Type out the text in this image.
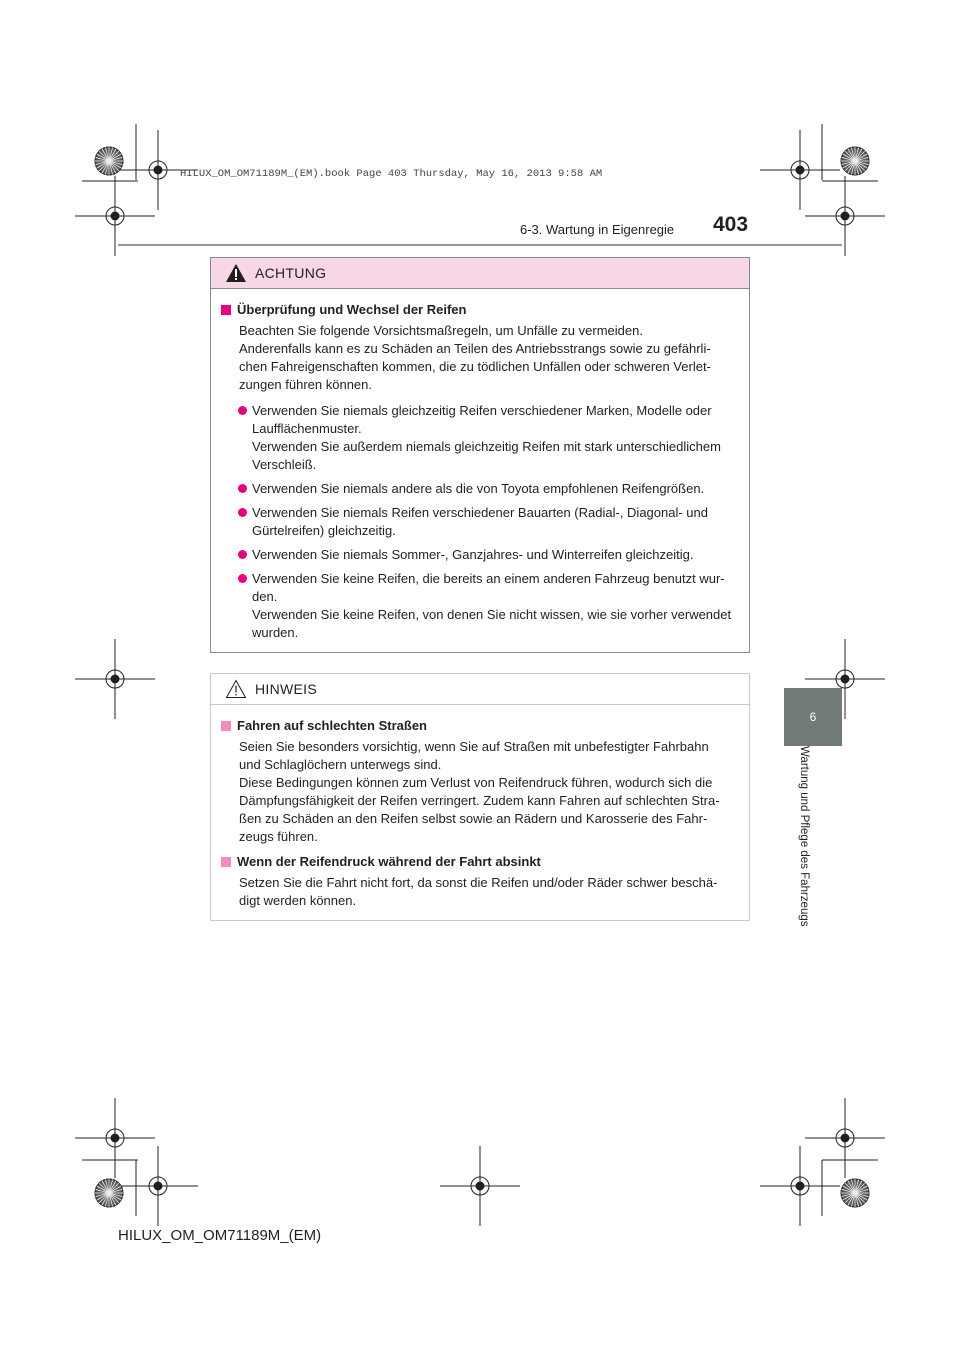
HILUX_OM_OM71189M_(EM).book Page 403 Thursday, May 16, 2013 9:58 AM
6-3. Wartung in Eigenregie 403
6
Wartung und Pflege des Fahrzeugs
ACHTUNG
Überprüfung und Wechsel der Reifen
Beachten Sie folgende Vorsichtsmaßregeln, um Unfälle zu vermeiden.
Anderenfalls kann es zu Schäden an Teilen des Antriebsstrangs sowie zu gefährli-
chen Fahreigenschaften kommen, die zu tödlichen Unfällen oder schweren Verlet-
zungen führen können.
Verwenden Sie niemals gleichzeitig Reifen verschiedener Marken, Modelle oder
Laufflächenmuster.
Verwenden Sie außerdem niemals gleichzeitig Reifen mit stark unterschiedlichem
Verschleiß.
Verwenden Sie niemals andere als die von Toyota empfohlenen Reifengrößen.
Verwenden Sie niemals Reifen verschiedener Bauarten (Radial-, Diagonal- und
Gürtelreifen) gleichzeitig.
Verwenden Sie niemals Sommer-, Ganzjahres- und Winterreifen gleichzeitig.
Verwenden Sie keine Reifen, die bereits an einem anderen Fahrzeug benutzt wur-
den.
Verwenden Sie keine Reifen, von denen Sie nicht wissen, wie sie vorher verwendet
wurden.
HINWEIS
Fahren auf schlechten Straßen
Seien Sie besonders vorsichtig, wenn Sie auf Straßen mit unbefestigter Fahrbahn
und Schlaglöchern unterwegs sind.
Diese Bedingungen können zum Verlust von Reifendruck führen, wodurch sich die
Dämpfungsfähigkeit der Reifen verringert. Zudem kann Fahren auf schlechten Stra-
ßen zu Schäden an den Reifen selbst sowie an Rädern und Karosserie des Fahr-
zeugs führen.
Wenn der Reifendruck während der Fahrt absinkt
Setzen Sie die Fahrt nicht fort, da sonst die Reifen und/oder Räder schwer beschä-
digt werden können.
HILUX_OM_OM71189M_(EM)
